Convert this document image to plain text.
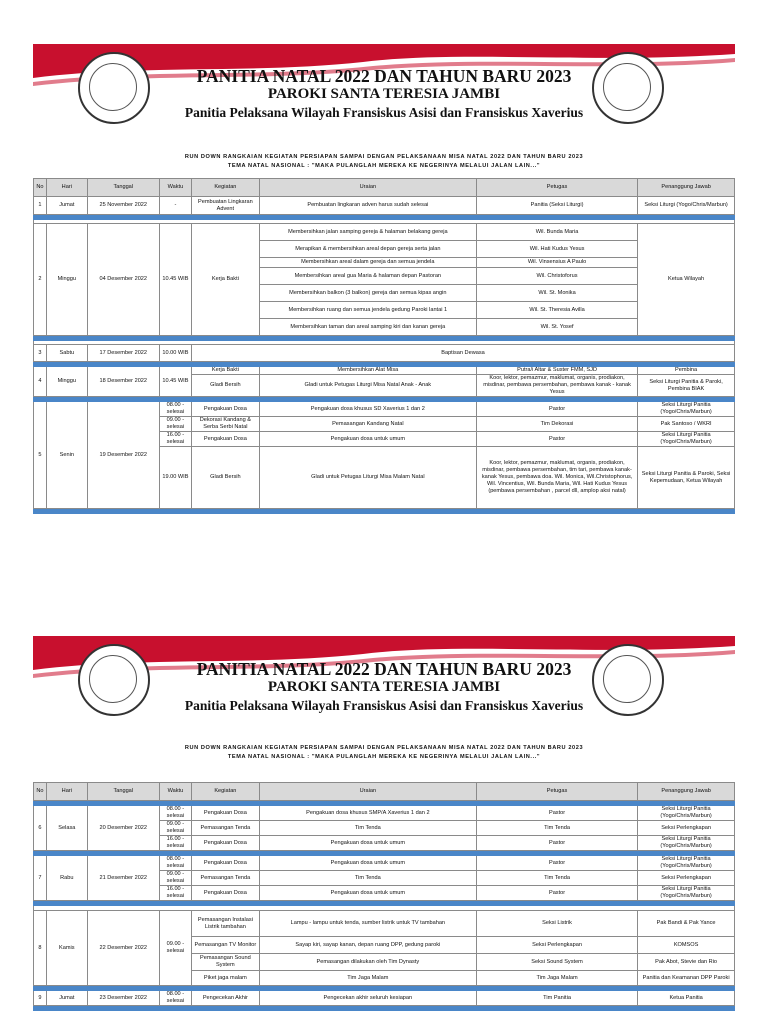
PANITIA NATAL 2022 DAN TAHUN BARU 2023
PAROKI SANTA TERESIA JAMBI
Panitia Pelaksana Wilayah Fransiskus Asisi dan Fransiskus Xaverius
RUN DOWN RANGKAIAN KEGIATAN PERSIAPAN SAMPAI DENGAN PELAKSANAAN MISA NATAL 2022 DAN TAHUN BARU 2023
TEMA NATAL NASIONAL : "MAKA PULANGLAH MEREKA KE NEGERINYA MELALUI JALAN LAIN..."
No	Hari	Tanggal	Waktu	Kegiatan	Uraian	Petugas	Penanggung Jawab
1	Jumat	25 November 2022	-	Pembuatan Lingkaran Advent	Pembuatan lingkaran adven harus sudah selesai	Panitia (Seksi Liturgi)	Seksi Liturgi (Yogo/Chris/Marbun)

2	Minggu	04 Desember 2022	10.45 WIB	Kerja Bakti	Membersihkan jalan samping gereja & halaman belakang gereja	Wil. Bunda Maria	Ketua Wilayah
					Merapikan & membersihkan areal depan gereja serta jalan	Wil. Hati Kudus Yesus	
					Membersihkan areal dalam gereja dan semua jendela	Wil. Vinsensius A Paulo	
					Membersihkan areal gua Maria & halaman depan Pastoran	Wil. Christoforus	
					Membersihkan balkon (3 balkon) gereja dan semua kipas angin	Wil. St. Monika	
					Membersihkan ruang dan semua jendela gedung Paroki lantai 1	Wil. St. Theresia Avilla	
					Membersihkan taman dan areal samping kiri dan kanan gereja	Wil. St. Yosef	

3	Sabtu	17 Desember 2022	10.00 WIB	Baptisan Dewasa			

4	Minggu	18 Desember 2022	10.45 WIB	Kerja Bakti	Membersihkan Alat Misa	Putra/i Altar & Suster FMM, SJD	Pembina
				Gladi Bersih	Gladi untuk Petugas Liturgi Misa Natal Anak - Anak	Koor, lektor, pemazmur, maklumat, organis, prodiakon, misdinar, pembawa persembahan, pembawa kanak - kanak Yesus	Seksi Liturgi Panitia & Paroki, Pembina BIAK

5	Senin	19 Desember 2022	08.00 - selesai	Pengakuan Dosa	Pengakuan dosa khusus SD Xaverius 1 dan 2	Pastor	Seksi Liturgi Panitia (Yogo/Chris/Marbun)
			09.00 - selesai	Dekorasi Kandang & Serba Serbi Natal	Pemasangan Kandang Natal	Tim Dekorasi	Pak Santoso / WKRI
			16.00 - selesai	Pengakuan Dosa	Pengakuan dosa untuk umum	Pastor	Seksi Liturgi Panitia (Yogo/Chris/Marbun)
			19.00 WIB	Gladi Bersih	Gladi untuk Petugas Liturgi Misa Malam Natal	Koor, lektor, pemazmur, maklumat, organis, prodiakon, misdinar, pembawa persembahan, tim tari, pembawa kanak-kanak Yesus, pembawa doa. Wil. Monica, Wil.Christophorus, Wil. Vincentius, Wil. Bunda Maria, Wil. Hati Kudus Yesus (pembawa persembahan , parcel dll, amplop aksi natal)	Seksi Liturgi Panitia & Paroki, Seksi Kepemudaan, Ketua Wilayah

PANITIA NATAL 2022 DAN TAHUN BARU 2023
PAROKI SANTA TERESIA JAMBI
Panitia Pelaksana Wilayah Fransiskus Asisi dan Fransiskus Xaverius
RUN DOWN RANGKAIAN KEGIATAN PERSIAPAN SAMPAI DENGAN PELAKSANAAN MISA NATAL 2022 DAN TAHUN BARU 2023
TEMA NATAL NASIONAL : "MAKA PULANGLAH MEREKA KE NEGERINYA MELALUI JALAN LAIN..."
No	Hari	Tanggal	Waktu	Kegiatan	Uraian	Petugas	Penanggung Jawab

6	Selasa	20 Desember 2022	08.00 - selesai	Pengakuan Dosa	Pengakuan dosa khusus SMP/A Xaverius 1 dan 2	Pastor	Seksi Liturgi Panitia (Yogo/Chris/Marbun)
			09.00 - selesai	Pemasangan Tenda	Tim Tenda	Tim Tenda	Seksi Perlengkapan
			16.00 - selesai	Pengakuan Dosa	Pengakuan dosa untuk umum	Pastor	Seksi Liturgi Panitia (Yogo/Chris/Marbun)

7	Rabu	21 Desember 2022	08.00 - selesai	Pengakuan Dosa	Pengakuan dosa untuk umum	Pastor	Seksi Liturgi Panitia (Yogo/Chris/Marbun)
			09.00 - selesai	Pemasangan Tenda	Tim Tenda	Tim Tenda	Seksi Perlengkapan
			16.00 - selesai	Pengakuan Dosa	Pengakuan dosa untuk umum	Pastor	Seksi Liturgi Panitia (Yogo/Chris/Marbun)

8	Kamis	22 Desember 2022	09.00 - selesai	Pemasangan Instalasi Listrik tambahan	Lampu - lampu untuk tenda, sumber listrik untuk TV tambahan	Seksi Listrik	Pak Bandi & Pak Yance
				Pemasangan TV Monitor	Sayap kiri, sayap kanan, depan ruang DPP, gedung paroki	Seksi Perlengkapan	KOMSOS
				Pemasangan Sound System	Pemasangan dilakukan oleh Tim Dynasty	Seksi Sound System	Pak Abot, Stevie dan Rio
				Piket jaga malam	Tim Jaga Malam	Tim Jaga Malam	Panitia dan Keamanan DPP Paroki

9	Jumat	23 Desember 2022	08.00 - selesai	Pengecekan Akhir	Pengecekan akhir seluruh kesiapan	Tim Panitia	Ketua Panitia
